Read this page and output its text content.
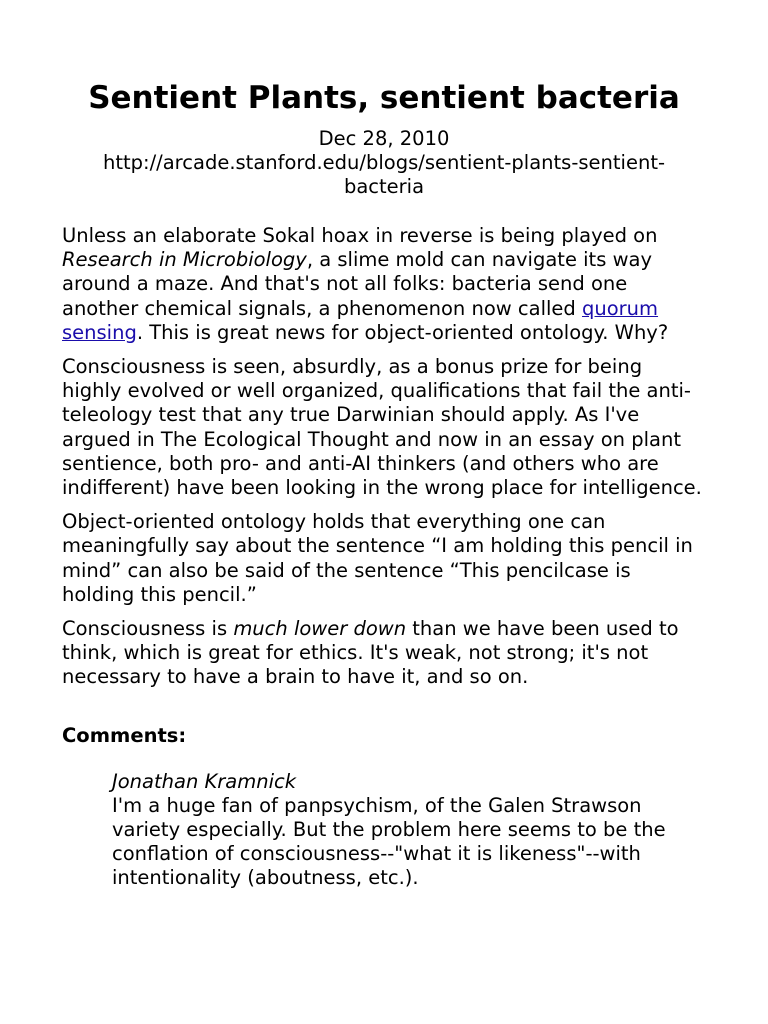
Sentient Plants, sentient bacteria
Dec 28, 2010
http://arcade.stanford.edu/blogs/sentient-plants-sentient-
bacteria

Unless an elaborate Sokal hoax in reverse is being played on Research in Microbiology, a slime mold can navigate its way around a maze. And that's not all folks: bacteria send one another chemical signals, a phenomenon now called quorum sensing. This is great news for object-oriented ontology. Why?

Consciousness is seen, absurdly, as a bonus prize for being highly evolved or well organized, qualifications that fail the anti-teleology test that any true Darwinian should apply. As I've argued in The Ecological Thought and now in an essay on plant sentience, both pro- and anti-AI thinkers (and others who are indifferent) have been looking in the wrong place for intelligence.

Object-oriented ontology holds that everything one can meaningfully say about the sentence “I am holding this pencil in mind” can also be said of the sentence “This pencilcase is holding this pencil.”

Consciousness is much lower down than we have been used to think, which is great for ethics. It's weak, not strong; it's not necessary to have a brain to have it, and so on.

Comments:
Jonathan Kramnick
I'm a huge fan of panpsychism, of the Galen Strawson variety especially. But the problem here seems to be the conflation of consciousness--"what it is likeness"--with intentionality (aboutness, etc.).
